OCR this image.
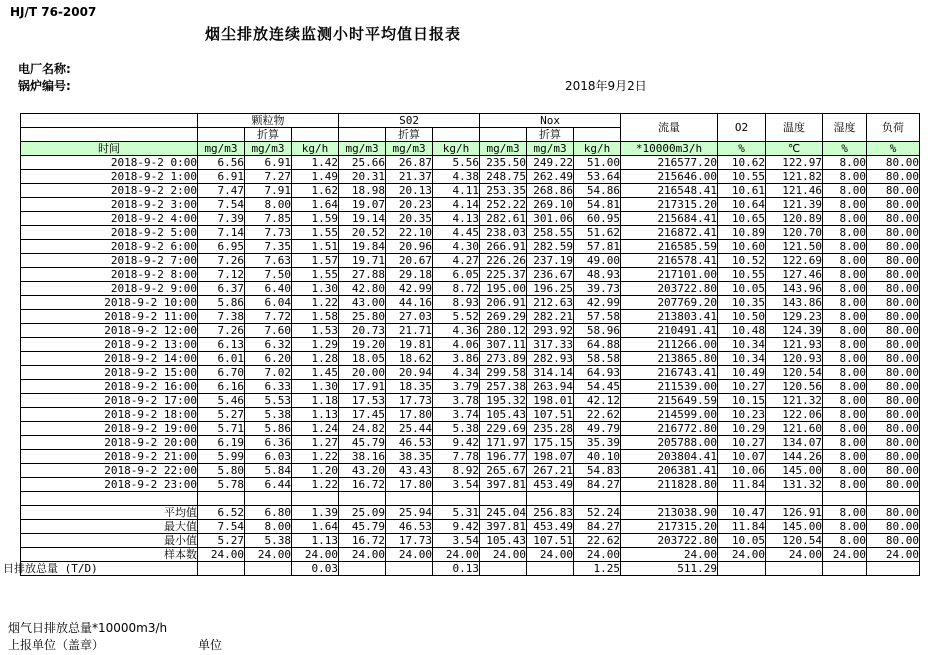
HJ/T 76-2007
烟尘排放连续监测小时平均值日报表
电厂名称:
锅炉编号:	2018年9月2日
	颗粒物			S02			Nox			流量	O2	温度	湿度	负荷
		折算			折算			折算						
时间	mg/m3	mg/m3	kg/h	mg/m3	mg/m3	kg/h	mg/m3	mg/m3	kg/h	*10000m3/h	%	℃	%	%
2018-9-2 0:00	6.56	6.91	1.42	25.66	26.87	5.56	235.50	249.22	51.00	216577.20	10.62	122.97	8.00	80.00
2018-9-2 1:00	6.91	7.27	1.49	20.31	21.37	4.38	248.75	262.49	53.64	215646.00	10.55	121.82	8.00	80.00
2018-9-2 2:00	7.47	7.91	1.62	18.98	20.13	4.11	253.35	268.86	54.86	216548.41	10.61	121.46	8.00	80.00
2018-9-2 3:00	7.54	8.00	1.64	19.07	20.23	4.14	252.22	269.10	54.81	217315.20	10.64	121.39	8.00	80.00
2018-9-2 4:00	7.39	7.85	1.59	19.14	20.35	4.13	282.61	301.06	60.95	215684.41	10.65	120.89	8.00	80.00
2018-9-2 5:00	7.14	7.73	1.55	20.52	22.10	4.45	238.03	258.55	51.62	216872.41	10.89	120.70	8.00	80.00
2018-9-2 6:00	6.95	7.35	1.51	19.84	20.96	4.30	266.91	282.59	57.81	216585.59	10.60	121.50	8.00	80.00
2018-9-2 7:00	7.26	7.63	1.57	19.71	20.67	4.27	226.26	237.19	49.00	216578.41	10.52	122.69	8.00	80.00
2018-9-2 8:00	7.12	7.50	1.55	27.88	29.18	6.05	225.37	236.67	48.93	217101.00	10.55	127.46	8.00	80.00
2018-9-2 9:00	6.37	6.40	1.30	42.80	42.99	8.72	195.00	196.25	39.73	203722.80	10.05	143.96	8.00	80.00
2018-9-2 10:00	5.86	6.04	1.22	43.00	44.16	8.93	206.91	212.63	42.99	207769.20	10.35	143.86	8.00	80.00
2018-9-2 11:00	7.38	7.72	1.58	25.80	27.03	5.52	269.29	282.21	57.58	213803.41	10.50	129.23	8.00	80.00
2018-9-2 12:00	7.26	7.60	1.53	20.73	21.71	4.36	280.12	293.92	58.96	210491.41	10.48	124.39	8.00	80.00
2018-9-2 13:00	6.13	6.32	1.29	19.20	19.81	4.06	307.11	317.33	64.88	211266.00	10.34	121.93	8.00	80.00
2018-9-2 14:00	6.01	6.20	1.28	18.05	18.62	3.86	273.89	282.93	58.58	213865.80	10.34	120.93	8.00	80.00
2018-9-2 15:00	6.70	7.02	1.45	20.00	20.94	4.34	299.58	314.14	64.93	216743.41	10.49	120.54	8.00	80.00
2018-9-2 16:00	6.16	6.33	1.30	17.91	18.35	3.79	257.38	263.94	54.45	211539.00	10.27	120.56	8.00	80.00
2018-9-2 17:00	5.46	5.53	1.18	17.53	17.73	3.78	195.32	198.01	42.12	215649.59	10.15	121.32	8.00	80.00
2018-9-2 18:00	5.27	5.38	1.13	17.45	17.80	3.74	105.43	107.51	22.62	214599.00	10.23	122.06	8.00	80.00
2018-9-2 19:00	5.71	5.86	1.24	24.82	25.44	5.38	229.69	235.28	49.79	216772.80	10.29	121.60	8.00	80.00
2018-9-2 20:00	6.19	6.36	1.27	45.79	46.53	9.42	171.97	175.15	35.39	205788.00	10.27	134.07	8.00	80.00
2018-9-2 21:00	5.99	6.03	1.22	38.16	38.35	7.78	196.77	198.07	40.10	203804.41	10.07	144.26	8.00	80.00
2018-9-2 22:00	5.80	5.84	1.20	43.20	43.43	8.92	265.67	267.21	54.83	206381.41	10.06	145.00	8.00	80.00
2018-9-2 23:00	5.78	6.44	1.22	16.72	17.80	3.54	397.81	453.49	84.27	211828.80	11.84	131.32	8.00	80.00

平均值	6.52	6.80	1.39	25.09	25.94	5.31	245.04	256.83	52.24	213038.90	10.47	126.91	8.00	80.00
最大值	7.54	8.00	1.64	45.79	46.53	9.42	397.81	453.49	84.27	217315.20	11.84	145.00	8.00	80.00
最小值	5.27	5.38	1.13	16.72	17.73	3.54	105.43	107.51	22.62	203722.80	10.05	120.54	8.00	80.00
样本数	24.00	24.00	24.00	24.00	24.00	24.00	24.00	24.00	24.00	24.00	24.00	24.00	24.00	24.00
日排放总量 (T/D)			0.03			0.13			1.25	511.29				
烟气日排放总量*10000m3/h
上报单位（盖章）	单位
